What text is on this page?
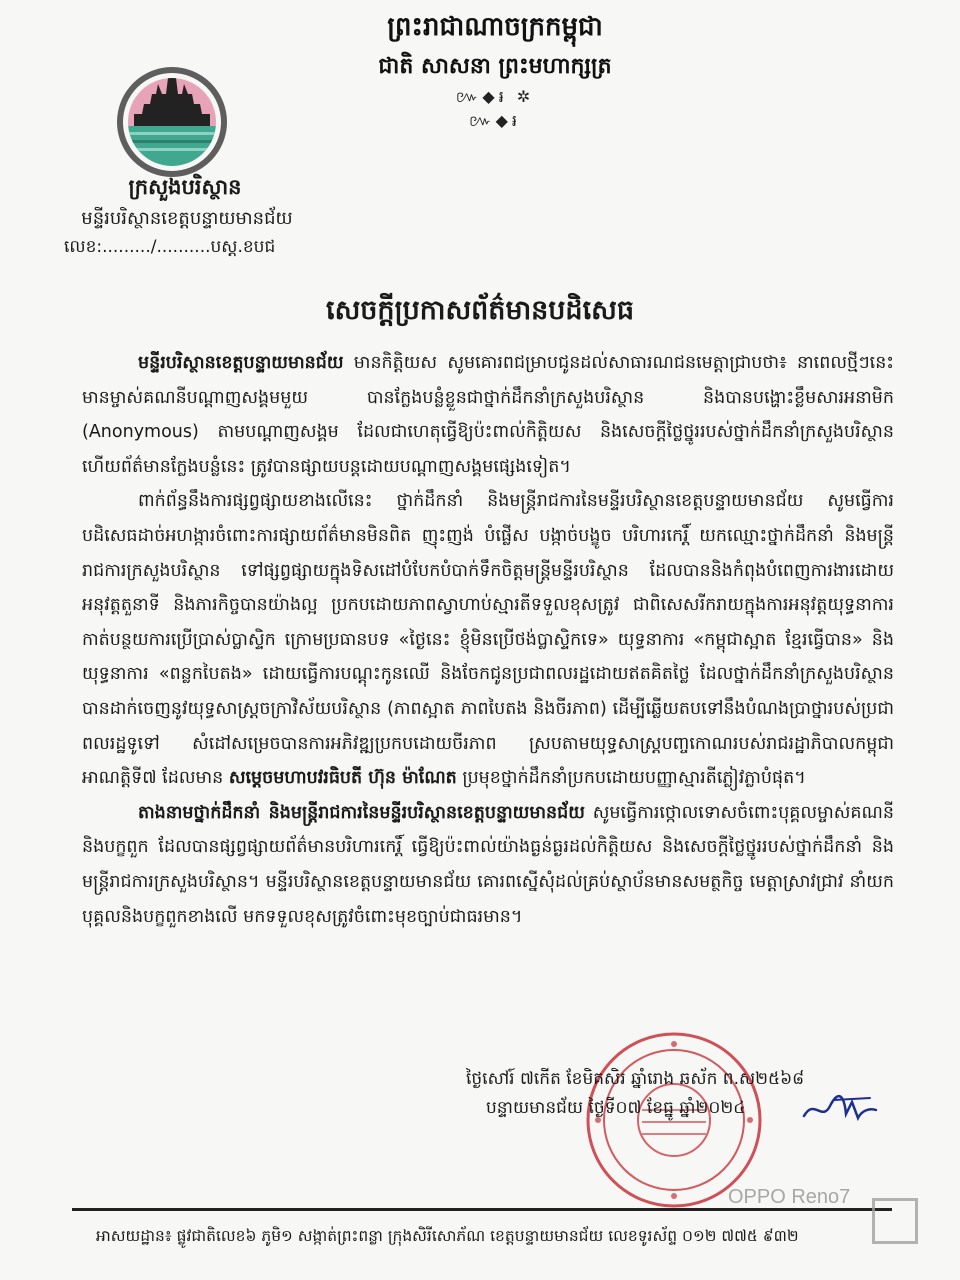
ព្រះរាជាណាចក្រកម្ពុជា
ជាតិ សាសនា ព្រះមហាក្សត្រ
៚◆៛ ✲ ៚◆៛
ក្រសួងបរិស្ថាន
មន្ទីរបរិស្ថានខេត្តបន្ទាយមានជ័យ
លេខ:........./..........បស្ត.ខបជ
សេចក្តីប្រកាសព័ត៌មានបដិសេធ

មន្ទីរបរិស្ថានខេត្តបន្ទាយមានជ័យ មានកិត្តិយស សូមគោរពជម្រាបជូនដល់សាធារណជនមេត្តាជ្រាបថា៖ នាពេលថ្មីៗនេះ មានម្ចាស់គណនីបណ្តាញសង្គមមួយ បានក្លែងបន្លំខ្លួនជាថ្នាក់ដឹកនាំក្រសួងបរិស្ថាន និងបានបង្ហោះខ្លឹមសារអនាមិក (Anonymous) តាមបណ្តាញសង្គម ដែលជាហេតុធ្វើឱ្យប៉ះពាល់កិត្តិយស និងសេចក្តីថ្លៃថ្នូររបស់ថ្នាក់ដឹកនាំក្រសួងបរិស្ថាន ហើយព័ត៌មានក្លែងបន្លំនេះ ត្រូវបានផ្សាយបន្តដោយបណ្តាញសង្គមផ្សេងទៀត។

ពាក់ព័ន្ធនឹងការផ្សព្វផ្សាយខាងលើនេះ ថ្នាក់ដឹកនាំ និងមន្ត្រីរាជការនៃមន្ទីរបរិស្ថានខេត្តបន្ទាយមានជ័យ សូមធ្វើការបដិសេធដាច់អហង្ការចំពោះការផ្សាយព័ត៌មានមិនពិត ញុះញង់ បំផ្លើស បង្កាច់បង្ខូច បរិហារកេរ្តិ៍ យកឈ្មោះថ្នាក់ដឹកនាំ និងមន្ត្រីរាជការក្រសួងបរិស្ថាន ទៅផ្សព្វផ្សាយក្នុងទិសដៅបំបែកបំបាក់ទឹកចិត្តមន្ត្រីមន្ទីរបរិស្ថាន ដែលបាននិងកំពុងបំពេញការងារដោយអនុវត្តតួនាទី និងភារកិច្ចបានយ៉ាងល្អ ប្រកបដោយភាពស្វាហាប់ស្មារតីទទួលខុសត្រូវ ជាពិសេសរីករាយក្នុងការអនុវត្តយុទ្ធនាការកាត់បន្ថយការប្រើប្រាស់ប្លាស្ទិក ក្រោមប្រធានបទ «ថ្ងៃនេះ ខ្ញុំមិនប្រើថង់ប្លាស្ទិកទេ» យុទ្ធនាការ «កម្ពុជាស្អាត ខ្មែរធ្វើបាន» និងយុទ្ធនាការ «ពន្លកបៃតង» ដោយធ្វើការបណ្តុះកូនឈើ និងចែកជូនប្រជាពលរដ្ឋដោយឥតគិតថ្លៃ ដែលថ្នាក់ដឹកនាំក្រសួងបរិស្ថាន បានដាក់ចេញនូវយុទ្ធសាស្ត្រចក្រាវិស័យបរិស្ថាន (ភាពស្អាត ភាពបៃតង និងចីរភាព) ដើម្បីឆ្លើយតបទៅនឹងបំណងប្រាថ្នារបស់ប្រជាពលរដ្ឋទូទៅ សំដៅសម្រេចបានការអភិវឌ្ឍប្រកបដោយចីរភាព ស្របតាមយុទ្ធសាស្ត្របញ្ចកោណរបស់រាជរដ្ឋាភិបាលកម្ពុជា អាណត្តិទី៧ ដែលមាន សម្តេចមហាបវរធិបតី ហ៊ុន ម៉ាណែត ប្រមុខថ្នាក់ដឹកនាំប្រកបដោយបញ្ញាស្មារតីភ្លៀវភ្លាបំផុត។

តាងនាមថ្នាក់ដឹកនាំ និងមន្ត្រីរាជការនៃមន្ទីរបរិស្ថានខេត្តបន្ទាយមានជ័យ សូមធ្វើការថ្កោលទោសចំពោះបុគ្គលម្ចាស់គណនី និងបក្ខពួក ដែលបានផ្សព្វផ្សាយព័ត៌មានបរិហារកេរ្តិ៍ ធ្វើឱ្យប៉ះពាល់យ៉ាងធ្ងន់ធ្ងរដល់កិត្តិយស និងសេចក្តីថ្លៃថ្នូររបស់ថ្នាក់ដឹកនាំ និងមន្ត្រីរាជការក្រសួងបរិស្ថាន។ មន្ទីរបរិស្ថានខេត្តបន្ទាយមានជ័យ គោរពស្នើសុំដល់គ្រប់ស្ថាប័នមានសមត្ថកិច្ច មេត្តាស្រាវជ្រាវ នាំយកបុគ្គលនិងបក្ខពួកខាងលើ មកទទួលខុសត្រូវចំពោះមុខច្បាប់ជាធរមាន។

ថ្ងៃសៅរ៍ ៧កើត ខែមិគសិរ ឆ្នាំរោង ឆស័ក ព.ស២៥៦៨
បន្ទាយមានជ័យ ថ្ងៃទី០៧ ខែធ្នូ ឆ្នាំ២០២៤
អាសយដ្ឋាន៖ ផ្លូវជាតិលេខ៦ ភូមិ១ សង្កាត់ព្រះពន្លា ក្រុងសិរីសោភ័ណ ខេត្តបន្ទាយមានជ័យ លេខទូរស័ព្ទ ០១២ ៧៧៥ ៩៣២
OPPO Reno7
